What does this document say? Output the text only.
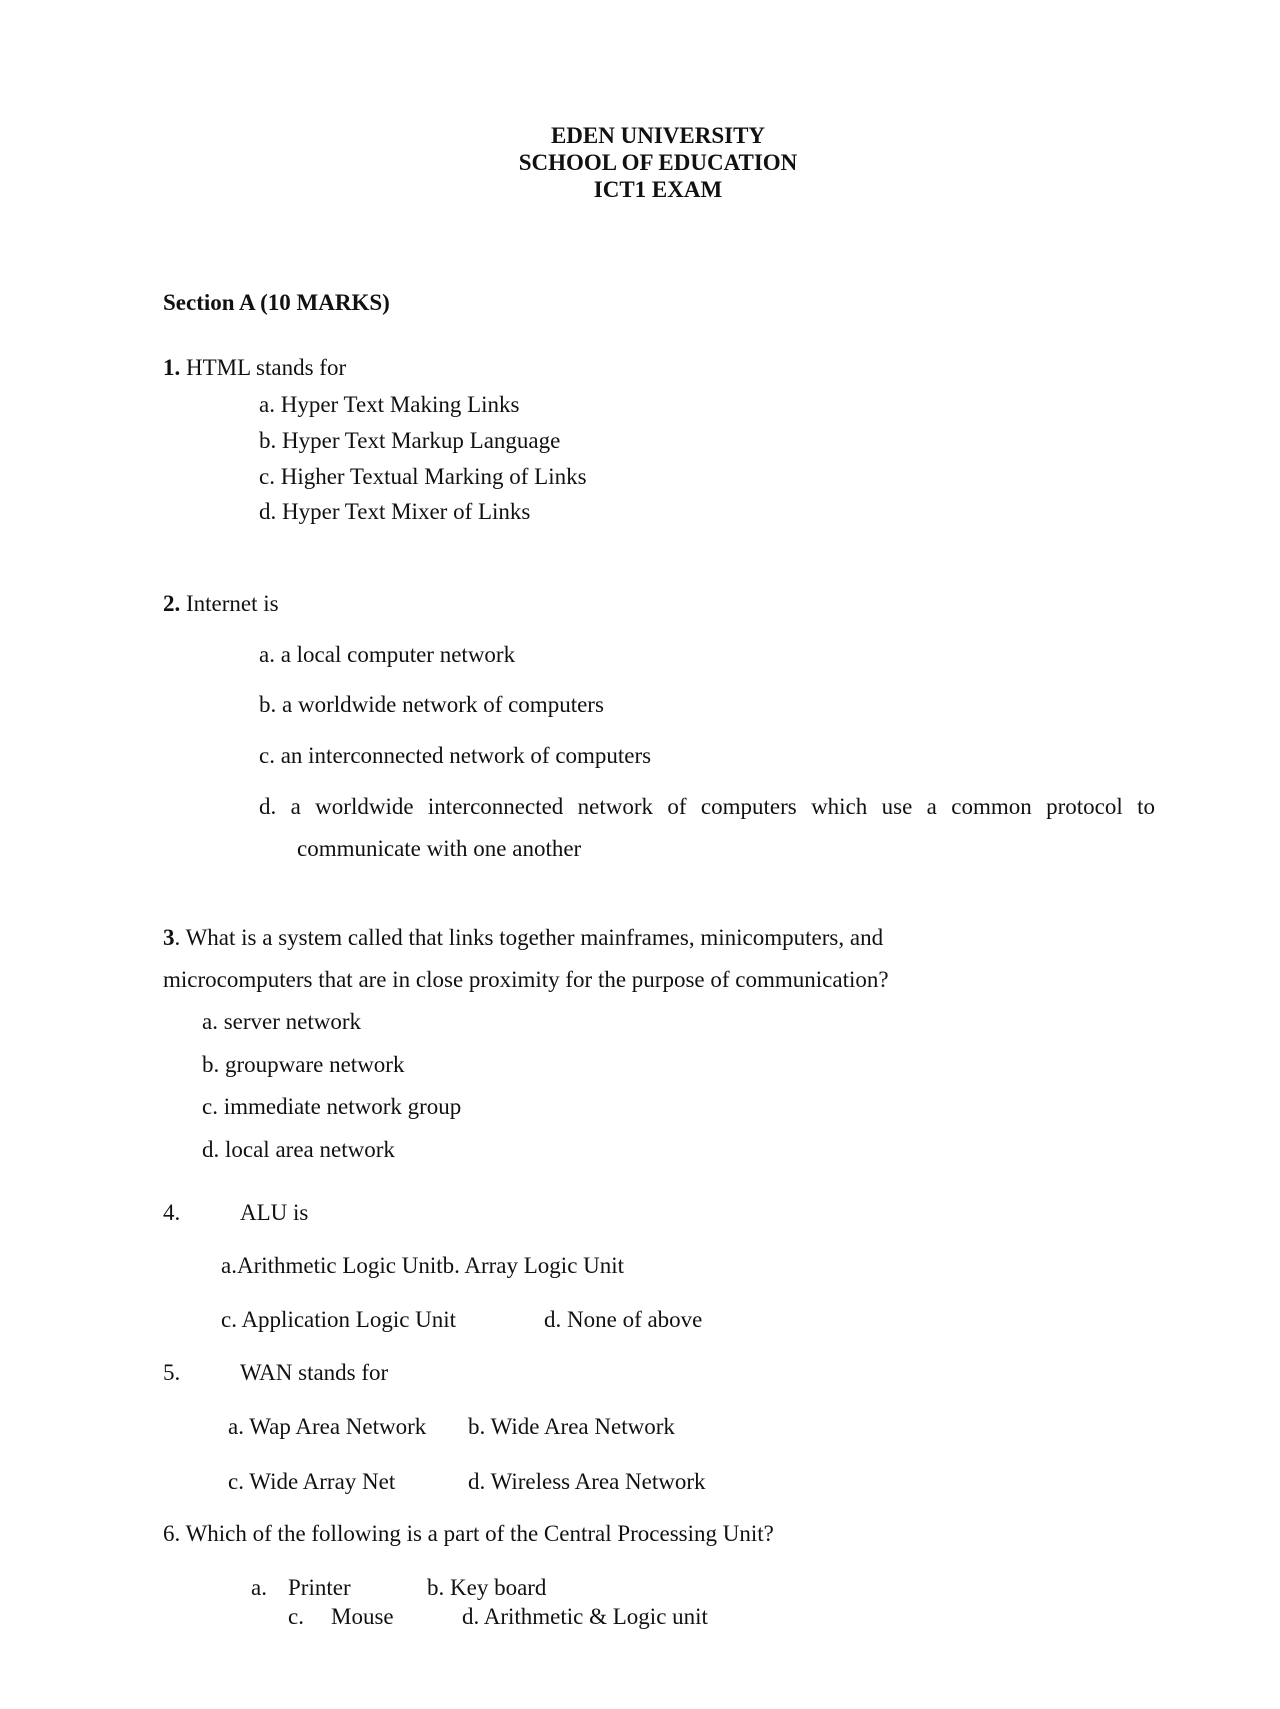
EDEN UNIVERSITY
SCHOOL OF EDUCATION
ICT1 EXAM
Section A (10 MARKS)
1. HTML stands for
a. Hyper Text Making Links
b. Hyper Text Markup Language
c. Higher Textual Marking of Links
d. Hyper Text Mixer of Links
2. Internet is
a. a local computer network
b. a worldwide network of computers
c. an interconnected network of computers
d. a worldwide interconnected network of computers which use a common protocol to
communicate with one another
3. What is a system called that links together mainframes, minicomputers, and
microcomputers that are in close proximity for the purpose of communication?
a. server network
b. groupware network
c. immediate network group
d. local area network
4.	ALU is
a.Arithmetic Logic Unitb. Array Logic Unit
c. Application Logic Unit	d. None of above
5.	WAN stands for
a. Wap Area Network b. Wide Area Network
c. Wide Array Net	d. Wireless Area Network
6. Which of the following is a part of the Central Processing Unit?
a. Printer	b. Key board
c. Mouse	d. Arithmetic & Logic unit
